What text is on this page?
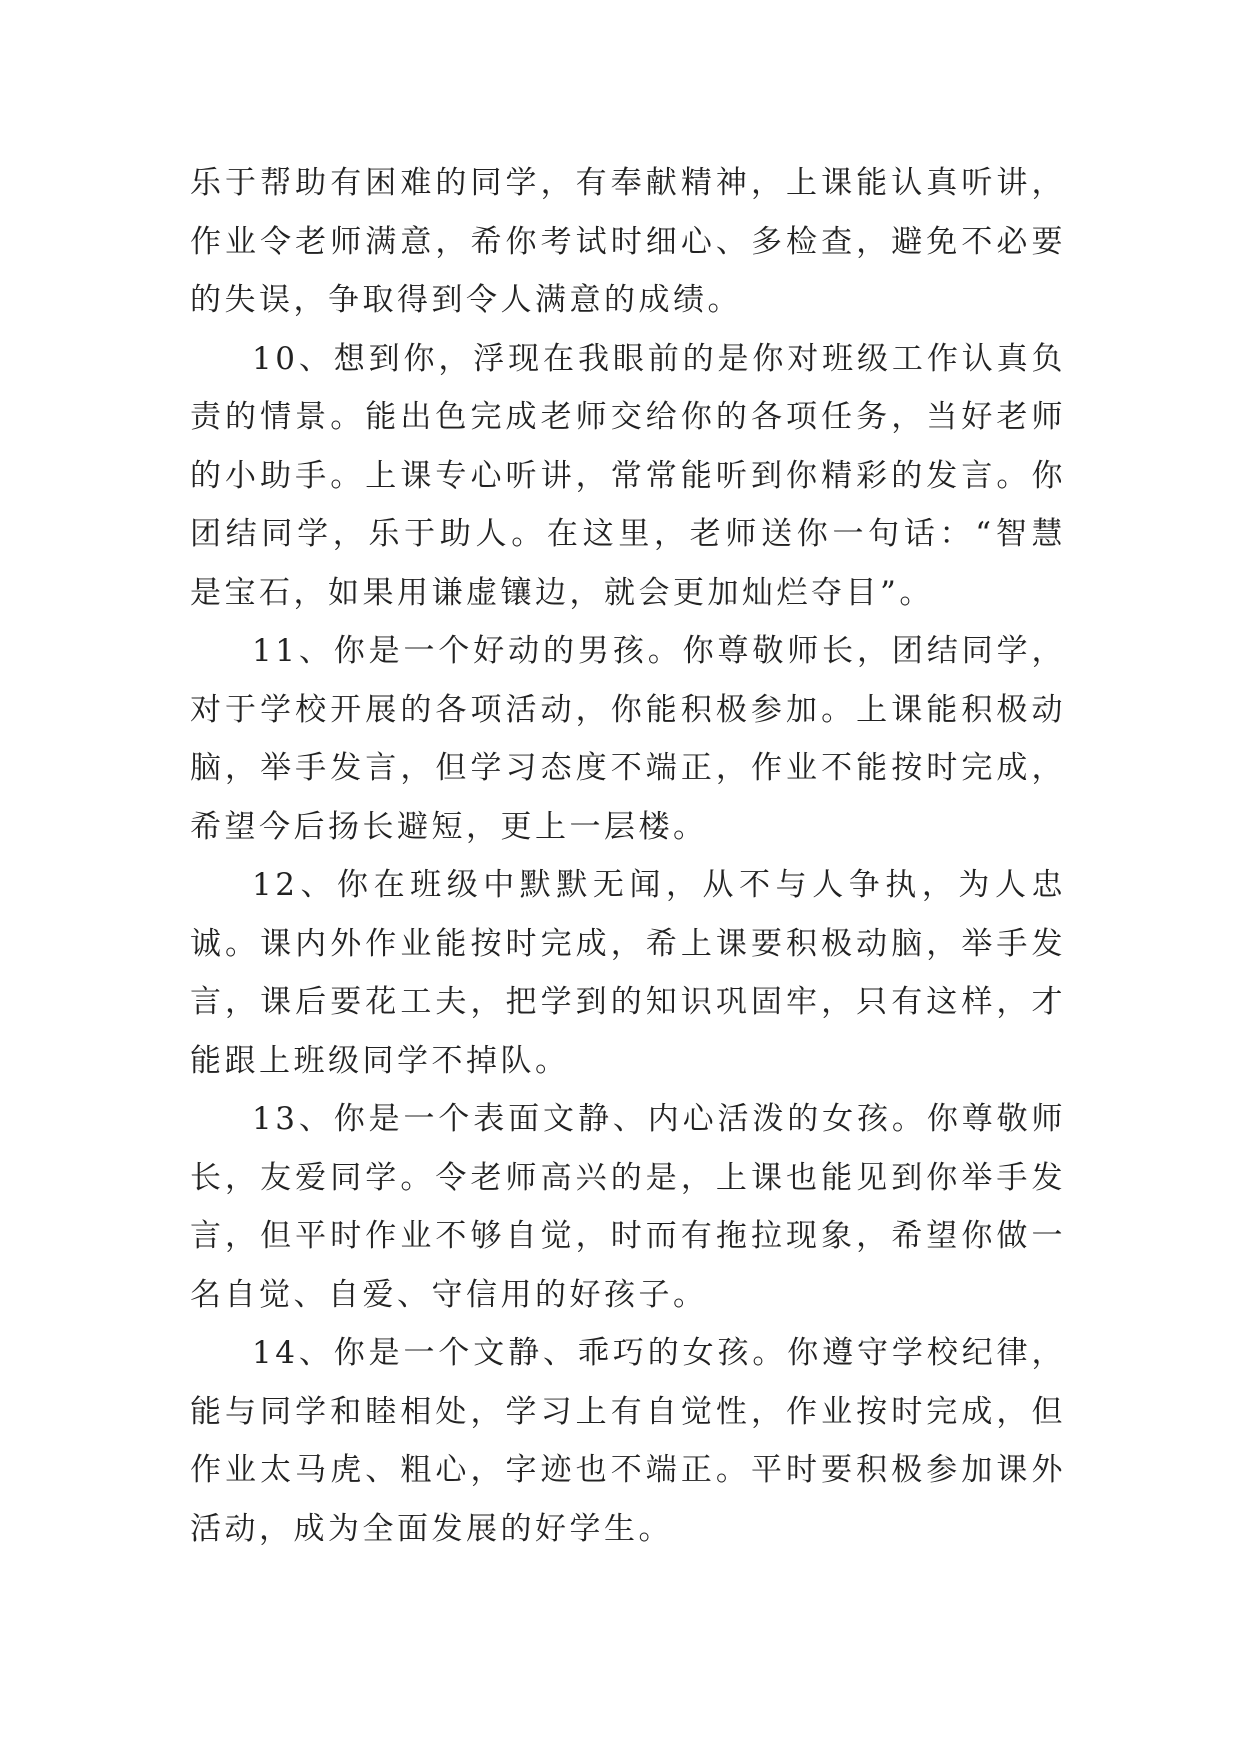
乐于帮助有困难的同学，有奉献精神，上课能认真听讲，作业令老师满意，希你考试时细心、多检查，避免不必要的失误，争取得到令人满意的成绩。

10、想到你，浮现在我眼前的是你对班级工作认真负责的情景。能出色完成老师交给你的各项任务，当好老师的小助手。上课专心听讲，常常能听到你精彩的发言。你团结同学，乐于助人。在这里，老师送你一句话：“智慧是宝石，如果用谦虚镶边，就会更加灿烂夺目”。

11、你是一个好动的男孩。你尊敬师长，团结同学，对于学校开展的各项活动，你能积极参加。上课能积极动脑，举手发言，但学习态度不端正，作业不能按时完成，希望今后扬长避短，更上一层楼。

12、你在班级中默默无闻，从不与人争执，为人忠诚。课内外作业能按时完成，希上课要积极动脑，举手发言，课后要花工夫，把学到的知识巩固牢，只有这样，才能跟上班级同学不掉队。

13、你是一个表面文静、内心活泼的女孩。你尊敬师长，友爱同学。令老师高兴的是，上课也能见到你举手发言，但平时作业不够自觉，时而有拖拉现象，希望你做一名自觉、自爱、守信用的好孩子。

14、你是一个文静、乖巧的女孩。你遵守学校纪律，能与同学和睦相处，学习上有自觉性，作业按时完成，但作业太马虎、粗心，字迹也不端正。平时要积极参加课外活动，成为全面发展的好学生。
